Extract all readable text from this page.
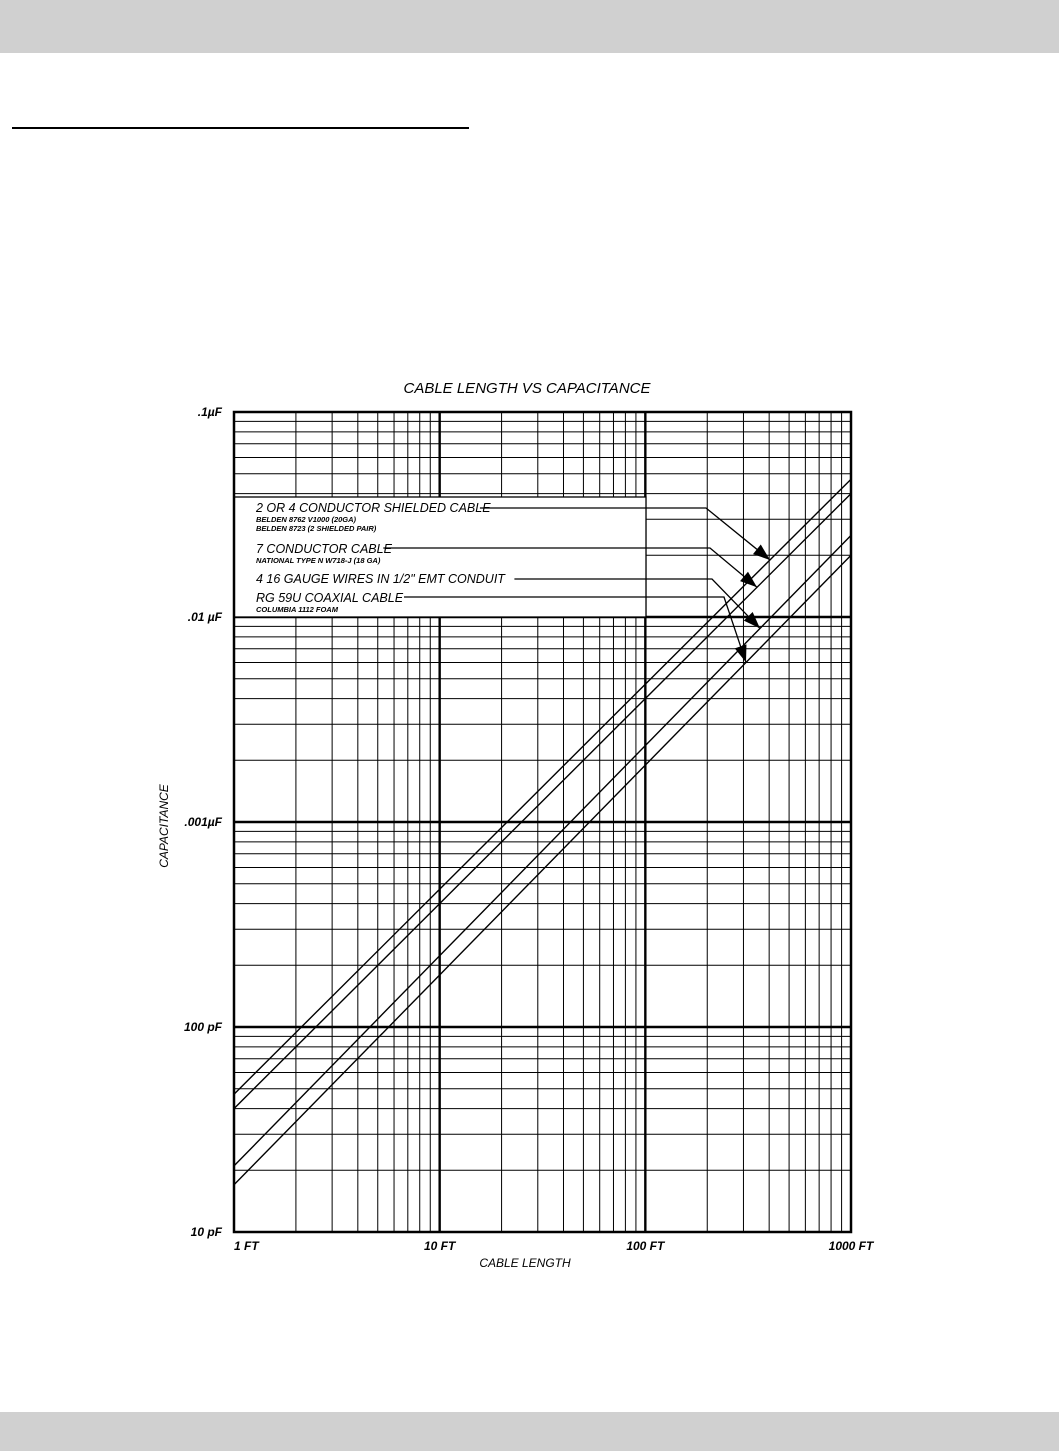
2 OR 4 CONDUCTOR SHIELDED CABLE
BELDEN 8762 V1000 (20GA)
BELDEN 8723 (2 SHIELDED PAIR)
7 CONDUCTOR CABLE
NATIONAL TYPE N W718-J (18 GA)
4 16 GAUGE WIRES IN 1/2" EMT CONDUIT
RG 59U COAXIAL CABLE
COLUMBIA 1112 FOAM
1 FT	10 FT	100 FT	1000 FT
10 pF
100 pF
.001µF
.01 µF
.1µF
CABLE LENGTH VS CAPACITANCE
CABLE LENGTH
CAPACITANCE
